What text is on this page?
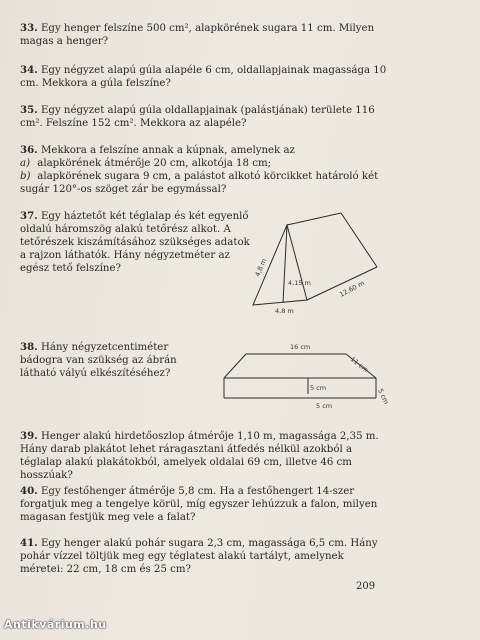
33. Egy henger felszíne 500 cm², alapkörének sugara 11 cm. Milyen magas a henger?
34. Egy négyzet alapú gúla alapéle 6 cm, oldallapjainak magassága 10 cm. Mekkora a gúla felszíne?
35. Egy négyzet alapú gúla oldallapjainak (palástjának) területe 116 cm². Felszíne 152 cm². Mekkora az alapéle?
36. Mekkora a felszíne annak a kúpnak, amelynek az
a) alapkörének átmérője 20 cm, alkotója 18 cm;
b) alapkörének sugara 9 cm, a palástot alkotó körcikket határoló két sugár 120°-os szöget zár be egymással?
37. Egy háztetőt két téglalap és két egyenlő oldalú háromszög alakú tetőrész alkot. A tetőrészek kiszámításához szükséges adatok a rajzon láthatók. Hány négyzetméter az egész tető felszíne?	4,8 m
4,15 m	12,60 m
4,8 m
38. Hány négyzetcentiméter bádogra van szükség az ábrán látható vályú elkészítéséhez?
16 cm
11 cm
5 cm
5 cm
5 cm
39. Henger alakú hirdetőoszlop átmérője 1,10 m, magassága 2,35 m. Hány darab plakátot lehet ráragasztani átfedés nélkül azokból a téglalap alakú plakátokból, amelyek oldalai 69 cm, illetve 46 cm hosszúak?
40. Egy festőhenger átmérője 5,8 cm. Ha a festőhengert 14-szer forgatjuk meg a tengelye körül, míg egyszer lehúzzuk a falon, milyen magasan festjük meg vele a falat?
41. Egy henger alakú pohár sugara 2,3 cm, magassága 6,5 cm. Hány pohár vízzel töltjük meg egy téglatest alakú tartályt, amelynek méretei: 22 cm, 18 cm és 25 cm?
209
Antikvárium.hu
